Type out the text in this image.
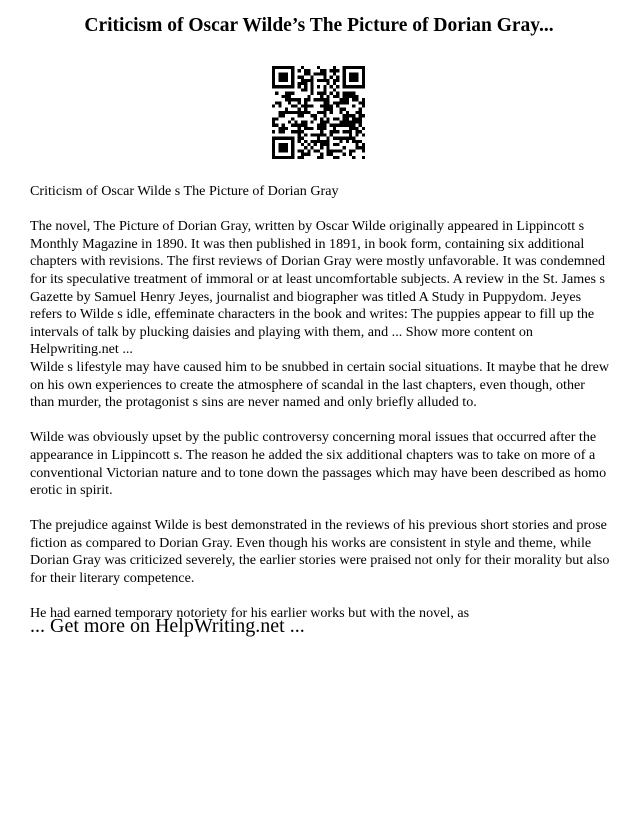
Criticism of Oscar Wilde’s The Picture of Dorian Gray...

Criticism of Oscar Wilde s The Picture of Dorian Gray

The novel, The Picture of Dorian Gray, written by Oscar Wilde originally appeared in Lippincott s Monthly Magazine in 1890. It was then published in 1891, in book form, containing six additional chapters with revisions. The first reviews of Dorian Gray were mostly unfavorable. It was condemned for its speculative treatment of immoral or at least uncomfortable subjects. A review in the St. James s Gazette by Samuel Henry Jeyes, journalist and biographer was titled A Study in Puppydom. Jeyes refers to Wilde s idle, effeminate characters in the book and writes: The puppies appear to fill up the intervals of talk by plucking daisies and playing with them, and ... Show more content on Helpwriting.net ...

Wilde s lifestyle may have caused him to be snubbed in certain social situations. It maybe that he drew on his own experiences to create the atmosphere of scandal in the last chapters, even though, other than murder, the protagonist s sins are never named and only briefly alluded to.

Wilde was obviously upset by the public controversy concerning moral issues that occurred after the appearance in Lippincott s. The reason he added the six additional chapters was to take on more of a conventional Victorian nature and to tone down the passages which may have been described as homo erotic in spirit.

The prejudice against Wilde is best demonstrated in the reviews of his previous short stories and prose fiction as compared to Dorian Gray. Even though his works are consistent in style and theme, while Dorian Gray was criticized severely, the earlier stories were praised not only for their morality but also for their literary competence.

He had earned temporary notoriety for his earlier works but with the novel, as

... Get more on HelpWriting.net ...
